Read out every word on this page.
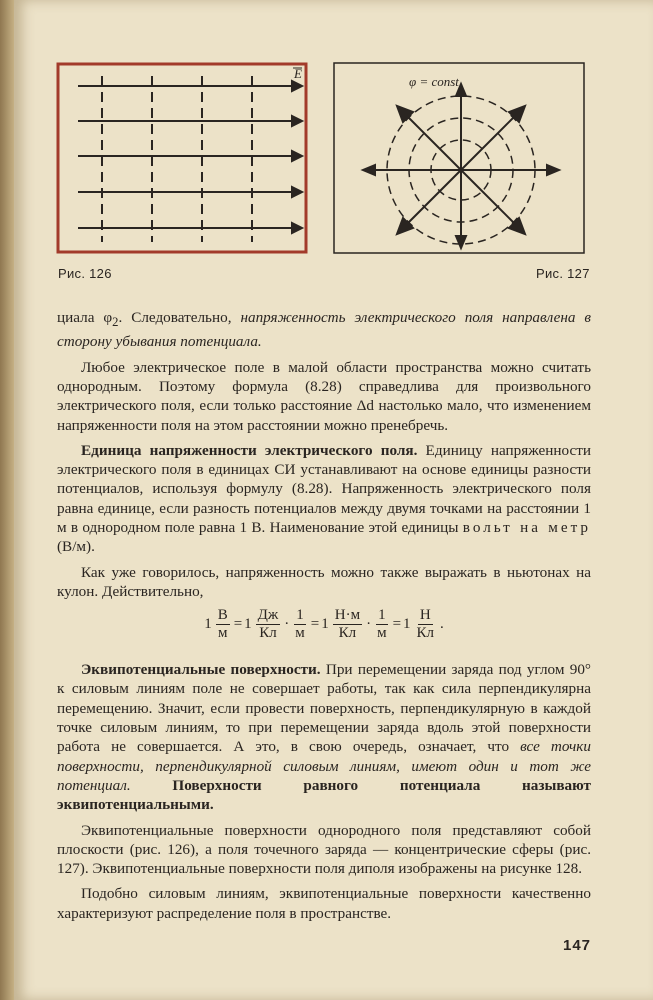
E
φ = const
Рис. 126	Рис. 127

циала $\varphi_2$. Следовательно, напряженность электрического поля направлена в сторону убывания потенциала.

Любое электрическое поле в малой области пространства можно считать однородным. Поэтому формула (8.28) справедлива для произвольного электрического поля, если только расстояние Δd настолько мало, что изменением напряженности поля на этом расстоянии можно пренебречь.

Единица напряженности электрического поля. Единицу напряженности электрического поля в единицах СИ устанавливают на основе единицы разности потенциалов, используя формулу (8.28). Напряженность электрического поля равна единице, если разность потенциалов между двумя точками на расстоянии 1 м в однородном поле равна 1 В. Наименование этой единицы вольт на метр (В/м).

Как уже говорилось, напряженность можно также выражать в ньютонах на кулон. Действительно,

$1 \frac{В}{м} = 1 \frac{Дж}{Кл} \cdot \frac{1}{м} = 1 \frac{Н\cdot м}{Кл} \cdot \frac{1}{м} = 1 \frac{Н}{Кл}$ .

Эквипотенциальные поверхности. При перемещении заряда под углом 90° к силовым линиям поле не совершает работы, так как сила перпендикулярна перемещению. Значит, если провести поверхность, перпендикулярную в каждой точке силовым линиям, то при перемещении заряда вдоль этой поверхности работа не совершается. А это, в свою очередь, означает, что все точки поверхности, перпендикулярной силовым линиям, имеют один и тот же потенциал. Поверхности равного потенциала называют эквипотенциальными.

Эквипотенциальные поверхности однородного поля представляют собой плоскости (рис. 126), а поля точечного заряда — концентрические сферы (рис. 127). Эквипотенциальные поверхности поля диполя изображены на рисунке 128.

Подобно силовым линиям, эквипотенциальные поверхности качественно характеризуют распределение поля в пространстве.

147
